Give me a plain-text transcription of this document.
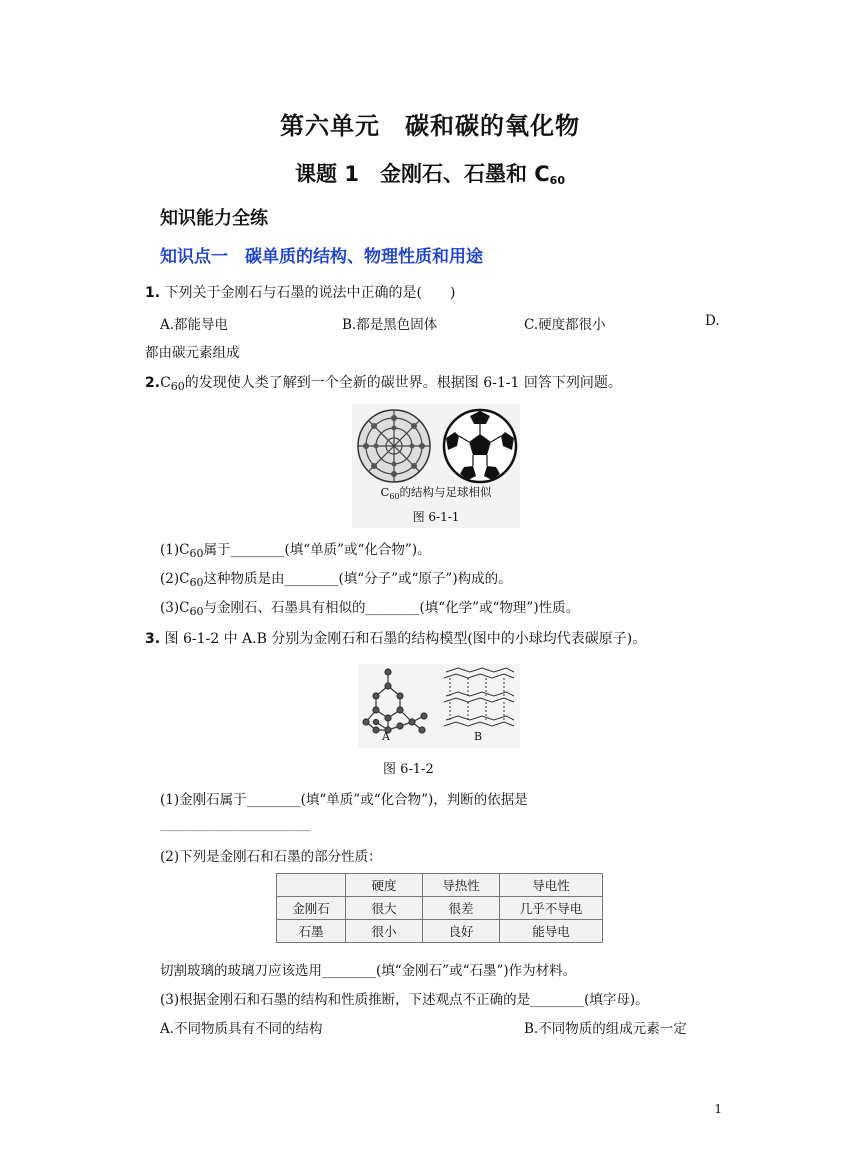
第六单元　碳和碳的氧化物
课题 1　金刚石、石墨和 $C_{60}$
知识能力全练
知识点一　碳单质的结构、物理性质和用途
1. 下列关于金刚石与石墨的说法中正确的是(　　)
A.都能导电	B.都是黑色固体	C.硬度都很小	D.
都由碳元素组成
$2.C_{60}$的发现使人类了解到一个全新的碳世界。根据图 6-1-1 回答下列问题。
$C_{60}$的结构与足球相似
图 6-1-1
$(1)C_{60}$属于________(填“单质”或“化合物”)。
$(2)C_{60}$这种物质是由________(填“分子”或“原子”)构成的。
$(3)C_{60}$与金刚石、石墨具有相似的________(填“化学”或“物理”)性质。
3. 图 6-1-2 中 A.B 分别为金刚石和石墨的结构模型(图中的小球均代表碳原子)。
A	B
图 6-1-2
(1)金刚石属于________(填“单质”或“化合物”)，判断的依据是
__________________________
(2)下列是金刚石和石墨的部分性质：
	硬度	导热性	导电性
金刚石	很大	很差	几乎不导电
石墨	很小	良好	能导电
切割玻璃的玻璃刀应该选用________(填“金刚石”或“石墨”)作为材料。
(3)根据金刚石和石墨的结构和性质推断，下述观点不正确的是________(填字母)。
A.不同物质具有不同的结构	B.不同物质的组成元素一定
1
